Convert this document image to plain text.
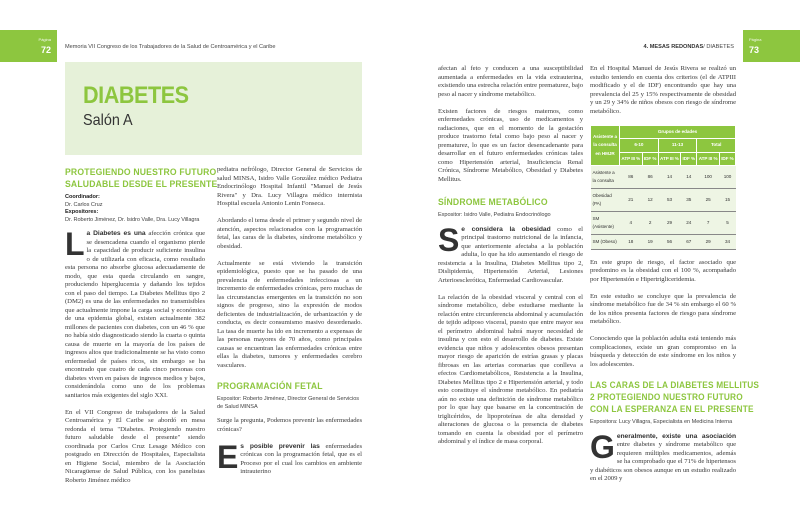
Página
72	Memoria VII Congreso de los Trabajadores de la Salud de Centroamérica y el Caribe
DIABETES
Salón A
PROTEGIENDO NUESTRO FUTURO
SALUDABLE DESDE EL PRESENTE
Coordinador:
Dr. Carlos Cruz
Expositores:
Dr. Roberto Jiménez, Dr. Isidro Valle, Dra. Lucy Villagra

La Diabetes es una afección crónica que se desencadena cuando el organismo pierde la capacidad de producir suficiente insulina o de utilizarla con eficacia, como resultado esta persona no absorbe glucosa adecuadamente de modo, que esta queda circulando en sangre, produciendo hiperglucemia y dañando los tejidos con el paso del tiempo. La Diabetes Mellitus tipo 2 (DM2) es una de las enfermedades no transmisibles que actualmente impone la carga social y económica de una epidemia global, existen actualmente 382 millones de pacientes con diabetes, con un 46 % que no había sido diagnosticado siendo la cuarta o quinta causa de muerte en la mayoría de los países de ingresos altos que tradicionalmente se ha visto como enfermedad de países ricos, sin embargo se ha encontrado que cuatro de cada cinco personas con diabetes viven en países de ingresos medios y bajos, considerándola como uno de los problemas sanitarios más exigentes del siglo XXI.

En el VII Congreso de trabajadores de la Salud Centroamérica y El Caribe se abordó en mesa redonda el tema "Diabetes. Protegiendo nuestro futuro saludable desde el presente" siendo coordinada por Carlos Cruz Lesage Médico con postgrado en Dirección de Hospitales, Especialista en Higiene Social, miembro de la Asociación Nicaragüense de Salud Pública, con los panelistas Roberto Jiménez médico

pediatra nefrólogo, Director General de Servicios de salud MINSA, Isidro Valle González médico Pediatra Endocrinólogo Hospital Infantil "Manuel de Jesús Rivera" y Dra. Lucy Villagra médico internista Hospital escuela Antonio Lenin Fonseca.

Abordando el tema desde el primer y segundo nivel de atención, aspectos relacionados con la programación fetal, las caras de la diabetes, síndrome metabólico y obesidad.

Actualmente se está viviendo la transición epidemiológica, puesto que se ha pasado de una prevalencia de enfermedades infecciosas a un incremento de enfermedades crónicas, pero muchas de las circunstancias emergentes en la transición no son signos de progreso, sino la expresión de modos deficientes de industrialización, de urbanización y de conducta, es decir consumismo masivo desordenado. La tasa de muerte ha ido en incremento a expensas de las personas mayores de 70 años, como principales causas se encuentran las enfermedades crónicas entre ellas la diabetes, tumores y enfermedades cerebro vasculares.

PROGRAMACIÓN FETAL
Expositor: Roberto Jiménez, Director General de Servicios de Salud MINSA

Surge la pregunta, Podemos prevenir las enfermedades crónicas?

Es posible prevenir las enfermedades crónicas con la programación fetal, que es el Proceso por el cual los cambios en ambiente intrauterino

Página
73
4. MESAS REDONDAS/ DIABETES

afectan al feto y conducen a una susceptibilidad aumentada a enfermedades en la vida extrauterina, existiendo una estrecha relación entre prematurez, bajo peso al nacer y síndrome metabólico.

Existen factores de riesgos maternos, como enfermedades crónicas, uso de medicamentos y radiaciones, que en el momento de la gestación produce trastorno fetal como bajo peso al nacer y prematurez, lo que es un factor desencadenante para desarrollar en el futuro enfermedades crónicas tales como Hipertensión arterial, Insuficiencia Renal Crónica, Síndrome Metabólico, Obesidad y Diabetes Mellitus.

SÍNDROME METABÓLICO
Expositor: Isidro Valle, Pediatra Endocrinólogo

Se considera la obesidad como el principal trastorno nutricional de la infancia, que anteriormente afectaba a la población adulta, lo que ha ido aumentando el riesgo de resistencia a la Insulina, Diabetes Mellitus tipo 2, Dislipidemia, Hipertensión Arterial, Lesiones Arterioesclerótica, Enfermedad Cardiovascular.

La relación de la obesidad visceral y central con el síndrome metabólico, debe estudiarse mediante la relación entre circunferencia abdominal y acumulación de tejido adiposo visceral, puesto que entre mayor sea el perímetro abdominal habrá mayor necesidad de insulina y con esto el desarrollo de diabetes. Existe evidencia que niños y adolescentes obesos presentan mayor riesgo de aparición de estrías grasas y placas fibrosas en las arterias coronarias que conlleva a efectos Cardiometabólicos, Resistencia a la Insulina, Diabetes Mellitus tipo 2 e Hipertensión arterial, y todo esto constituye el síndrome metabólico. En pediatría aún no existe una definición de síndrome metabólico por lo que hay que basarse en la concentración de triglicéridos, de lipoproteínas de alta densidad y alteraciones de glucosa o la presencia de diabetes tomando en cuenta la obesidad por el perímetro abdominal y el índice de masa corporal.

En el Hospital Manuel de Jesús Rivera se realizó un estudio teniendo en cuenta dos criterios (el de ATPIII modificado y el de IDF) encontrando que hay una prevalencia del 25 y 15% respectivamente de obesidad y un 29 y 34% de niños obesos con riesgo de síndrome metabólico.

Asistente a la consulta en HMJR	Grupos de edades					
	6-10		11-13		Total	
	ATP III %	IDF %	ATP III %	IDF %	ATP III %	IDF %
Asistente a la consulta	86	86	14	14	100	100
Obesidad (PA)	21	12	53	35	25	15
SM (Asistente)	4	2	29	24	7	5
SM (Obeso)	18	19	56	67	29	34

En este grupo de riesgo, el factor asociado que predomino es la obesidad con el 100 %, acompañado por Hipertensión e Hipertrigliceridemia.

En este estudio se concluye que la prevalencia de síndrome metabólico fue de 34 % sin embargo el 60 % de los niños presenta factores de riesgo para síndrome metabólico.

Conociendo que la población adulta está teniendo más complicaciones, existe un gran compromiso en la búsqueda y detección de este síndrome en los niños y los adolescentes.

LAS CARAS DE LA DIABETES MELLITUS
2 PROTEGIENDO NUESTRO FUTURO
CON LA ESPERANZA EN EL PRESENTE
Expositora: Lucy Villagra, Especialista en Medicina Interna

Generalmente, existe una asociación entre diabetes y síndrome metabólico que requieren múltiples medicamentos, además se ha comprobado que el 71% de hipertensos y diabéticos son obesos aunque en un estudio realizado en el 2009 y
